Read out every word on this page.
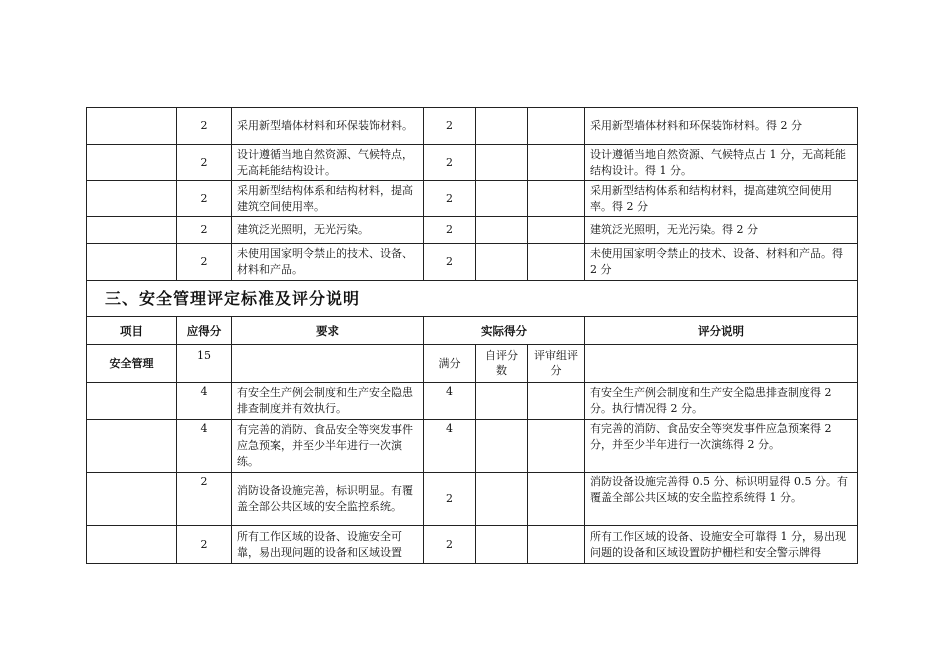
	2	采用新型墙体材料和环保装饰材料。	2			采用新型墙体材料和环保装饰材料。得 2 分
	2	设计遵循当地自然资源、气候特点，无高耗能结构设计。	2			设计遵循当地自然资源、气候特点占 1 分，无高耗能结构设计。得 1 分。
	2	采用新型结构体系和结构材料，提高建筑空间使用率。	2			采用新型结构体系和结构材料，提高建筑空间使用率。得 2 分
	2	建筑泛光照明，无光污染。	2			建筑泛光照明，无光污染。得 2 分
	2	未使用国家明令禁止的技术、设备、材料和产品。	2			未使用国家明令禁止的技术、设备、材料和产品。得 2 分
三、安全管理评定标准及评分说明						
项目	应得分	要求	实际得分			评分说明
安全管理	15		满分	自评分数	评审组评分	
	4	有安全生产例会制度和生产安全隐患排查制度并有效执行。	4			有安全生产例会制度和生产安全隐患排查制度得 2 分。执行情况得 2 分。
	4	有完善的消防、食品安全等突发事件应急预案，并至少半年进行一次演练。	4			有完善的消防、食品安全等突发事件应急预案得 2 分，并至少半年进行一次演练得 2 分。
	2	消防设备设施完善，标识明显。有覆盖全部公共区域的安全监控系统。	2			消防设备设施完善得 0.5 分、标识明显得 0.5 分。有覆盖全部公共区域的安全监控系统得 1 分。
	2	所有工作区域的设备、设施安全可靠，易出现问题的设备和区域设置	2			所有工作区域的设备、设施安全可靠得 1 分，易出现问题的设备和区域设置防护栅栏和安全警示牌得
